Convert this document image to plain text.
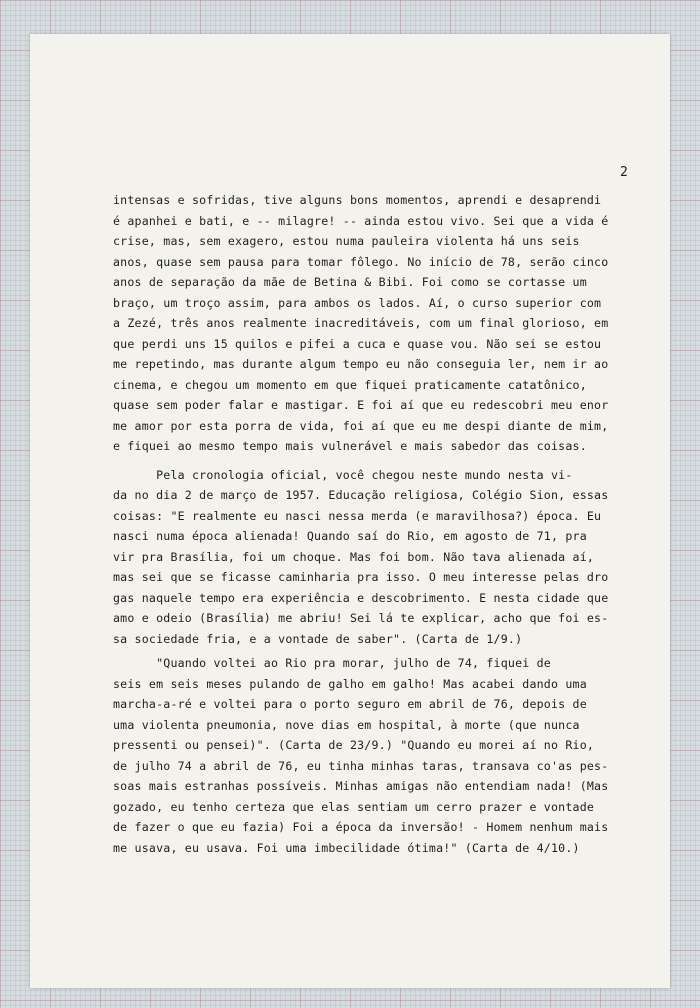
2
intensas e sofridas, tive alguns bons momentos, aprendi e desaprendi
é apanhei e bati, e -- milagre! -- ainda estou vivo. Sei que a vida é
crise, mas, sem exagero, estou numa pauleira violenta há uns seis
anos, quase sem pausa para tomar fôlego. No início de 78, serão cinco
anos de separação da mãe de Betina & Bibi. Foi como se cortasse um
braço, um troço assim, para ambos os lados. Aí, o curso superior com
a Zezé, três anos realmente inacreditáveis, com um final glorioso, em
que perdi uns 15 quilos e pifei a cuca e quase vou. Não sei se estou
me repetindo, mas durante algum tempo eu não conseguia ler, nem ir ao
cinema, e chegou um momento em que fiquei praticamente catatônico,
quase sem poder falar e mastigar. E foi aí que eu redescobri meu enor
me amor por esta porra de vida, foi aí que eu me despi diante de mim,
e fiquei ao mesmo tempo mais vulnerável e mais sabedor das coisas.
Pela cronologia oficial, você chegou neste mundo nesta vi-
da no dia 2 de março de 1957. Educação religiosa, Colégio Sion, essas
coisas: "E realmente eu nasci nessa merda (e maravilhosa?) época. Eu
nasci numa época alienada! Quando saí do Rio, em agosto de 71, pra
vir pra Brasília, foi um choque. Mas foi bom. Não tava alienada aí,
mas sei que se ficasse caminharia pra isso. O meu interesse pelas dro
gas naquele tempo era experiência e descobrimento. E nesta cidade que
amo e odeio (Brasília) me abriu! Sei lá te explicar, acho que foi es-
sa sociedade fria, e a vontade de saber". (Carta de 1/9.)
"Quando voltei ao Rio pra morar, julho de 74, fiquei de
seis em seis meses pulando de galho em galho! Mas acabei dando uma
marcha-a-ré e voltei para o porto seguro em abril de 76, depois de
uma violenta pneumonia, nove dias em hospital, à morte (que nunca
pressenti ou pensei)". (Carta de 23/9.) "Quando eu morei aí no Rio,
de julho 74 a abril de 76, eu tinha minhas taras, transava co'as pes-
soas mais estranhas possíveis. Minhas amigas não entendiam nada! (Mas
gozado, eu tenho certeza que elas sentiam um cerro prazer e vontade
de fazer o que eu fazia) Foi a época da inversão! - Homem nenhum mais
me usava, eu usava. Foi uma imbecilidade ótima!" (Carta de 4/10.)
